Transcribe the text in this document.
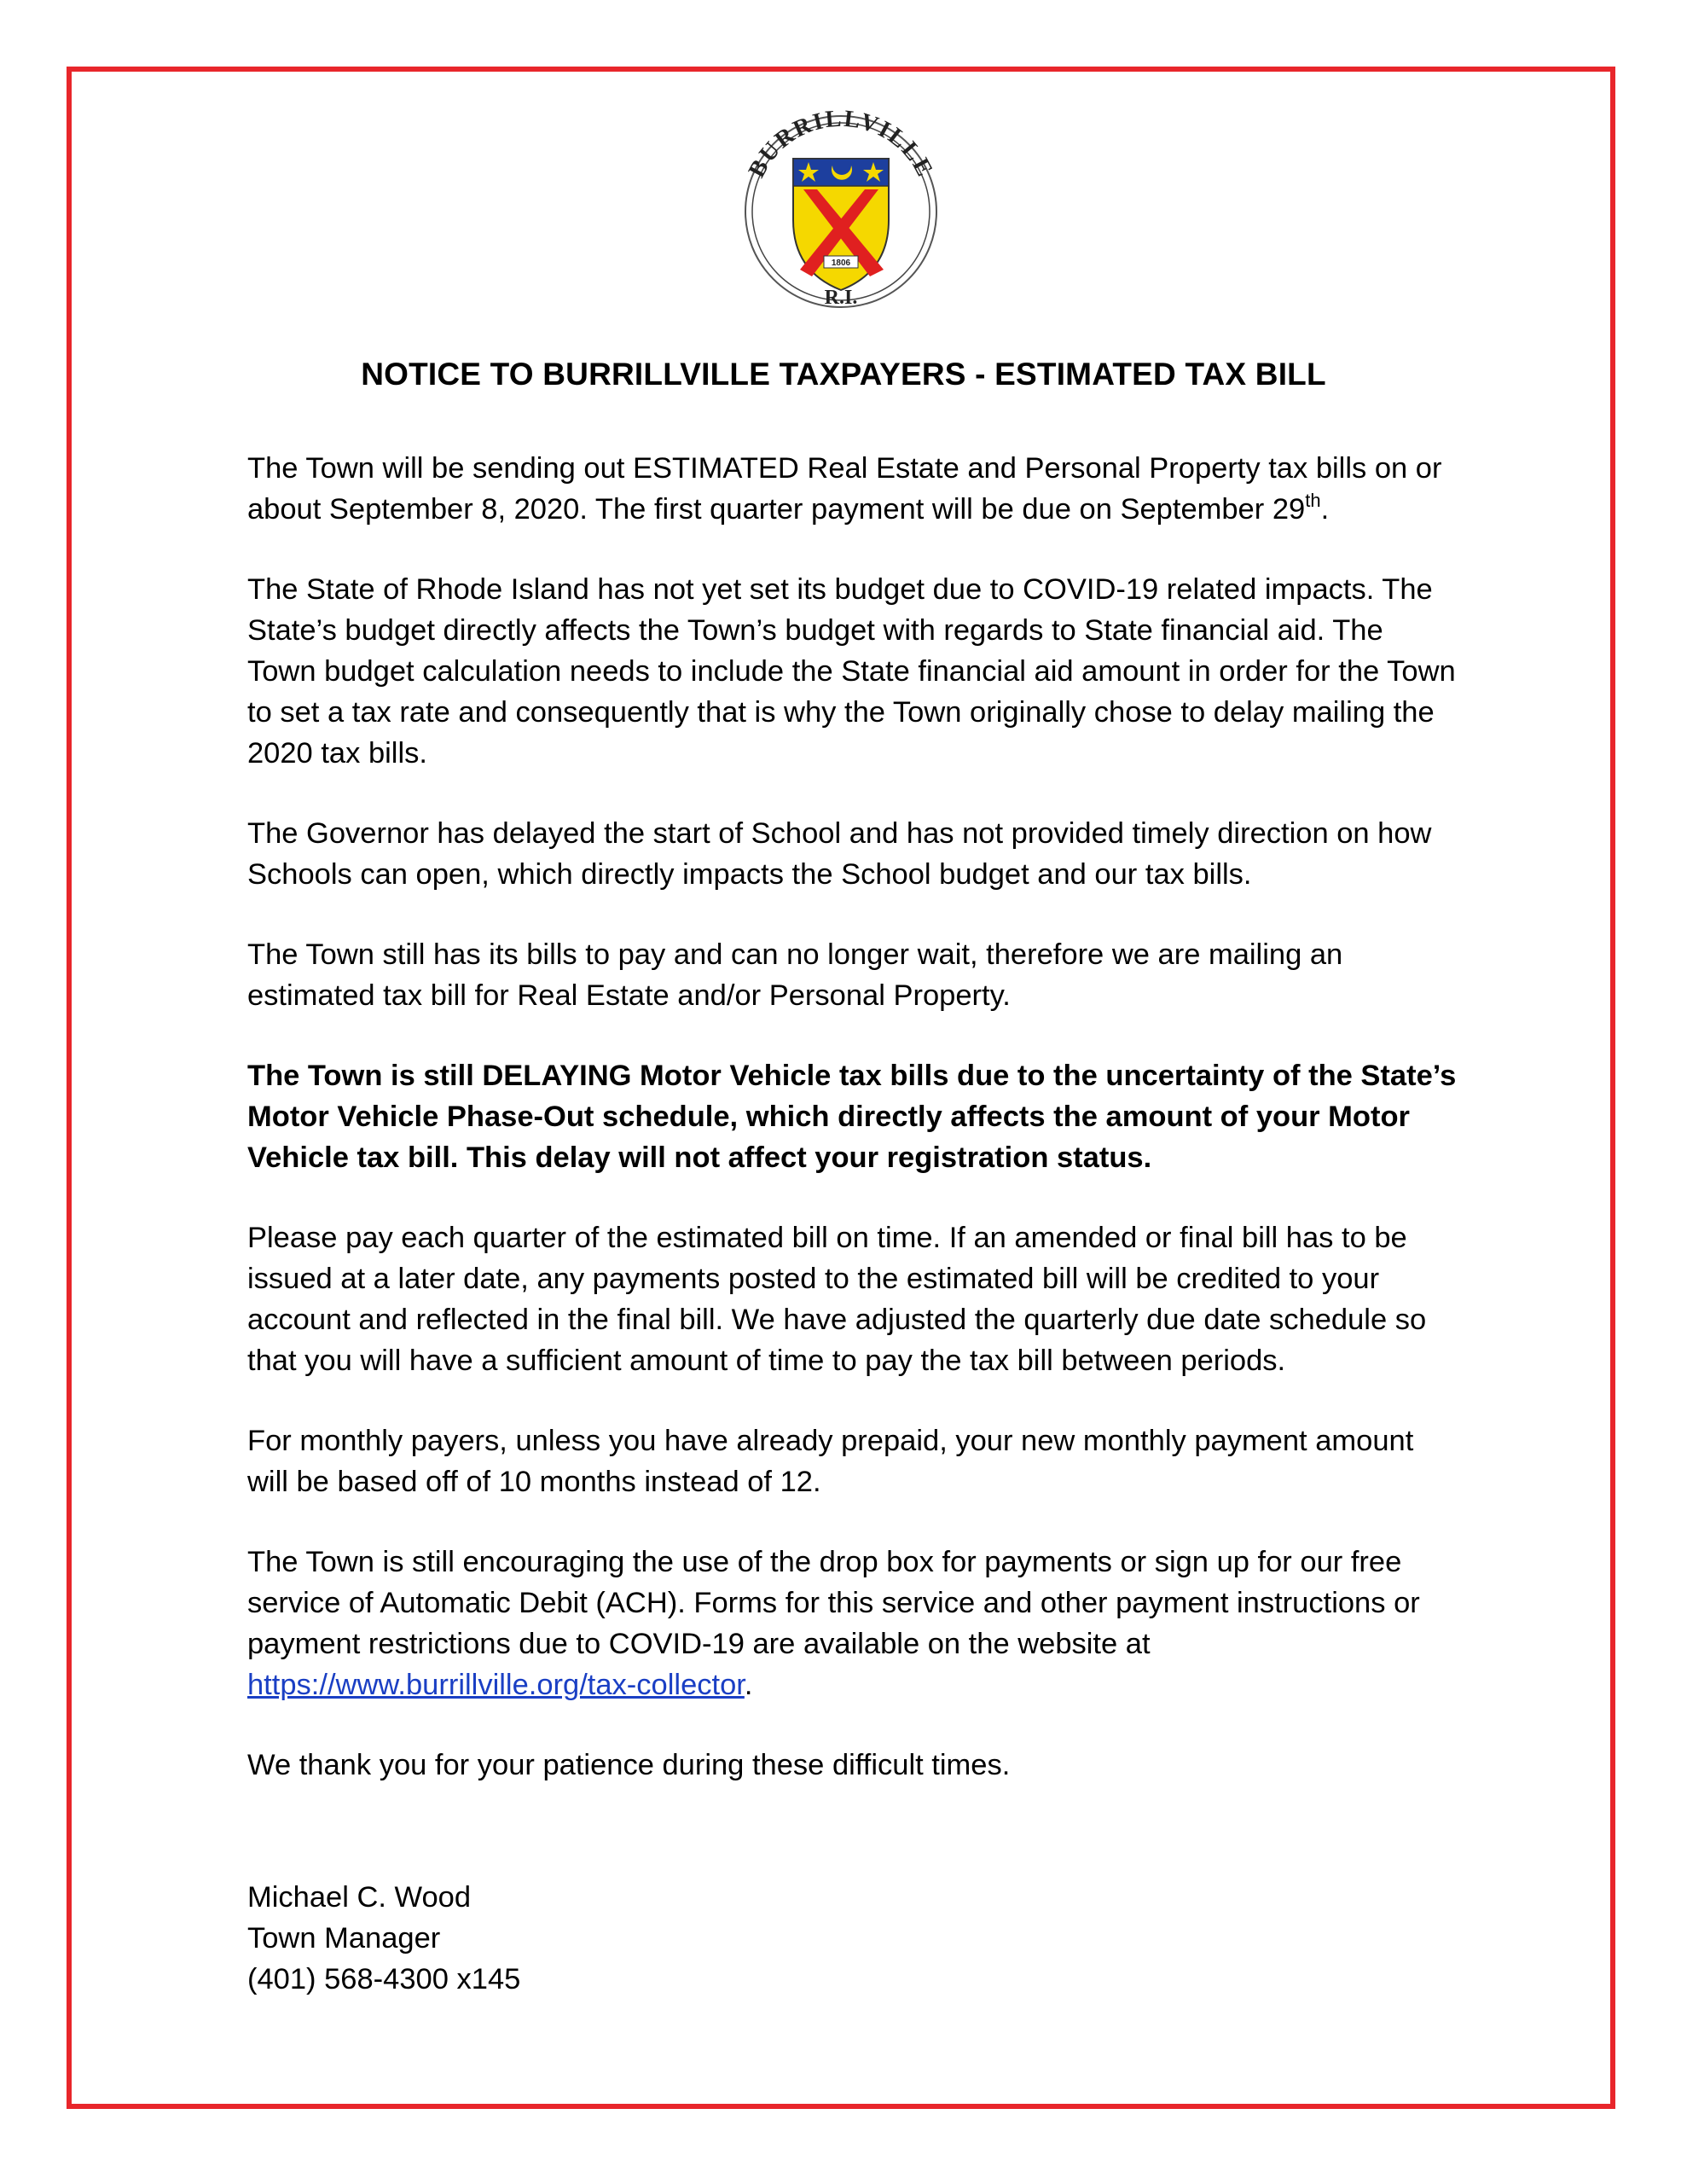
BURRILLVILLE
1806
R.I.
NOTICE TO BURRILLVILLE TAXPAYERS - ESTIMATED TAX BILL

The Town will be sending out ESTIMATED Real Estate and Personal Property tax bills on or about September 8, 2020. The first quarter payment will be due on September 29th.

The State of Rhode Island has not yet set its budget due to COVID-19 related impacts. The State’s budget directly affects the Town’s budget with regards to State financial aid. The Town budget calculation needs to include the State financial aid amount in order for the Town to set a tax rate and consequently that is why the Town originally chose to delay mailing the 2020 tax bills.

The Governor has delayed the start of School and has not provided timely direction on how Schools can open, which directly impacts the School budget and our tax bills.

The Town still has its bills to pay and can no longer wait, therefore we are mailing an estimated tax bill for Real Estate and/or Personal Property.

The Town is still DELAYING Motor Vehicle tax bills due to the uncertainty of the State’s Motor Vehicle Phase-Out schedule, which directly affects the amount of your Motor Vehicle tax bill. This delay will not affect your registration status.

Please pay each quarter of the estimated bill on time. If an amended or final bill has to be issued at a later date, any payments posted to the estimated bill will be credited to your account and reflected in the final bill. We have adjusted the quarterly due date schedule so that you will have a sufficient amount of time to pay the tax bill between periods.

For monthly payers, unless you have already prepaid, your new monthly payment amount will be based off of 10 months instead of 12.

The Town is still encouraging the use of the drop box for payments or sign up for our free service of Automatic Debit (ACH). Forms for this service and other payment instructions or payment restrictions due to COVID-19 are available on the website at https://www.burrillville.org/tax-collector.

We thank you for your patience during these difficult times.

Michael C. Wood
Town Manager
(401) 568-4300 x145
